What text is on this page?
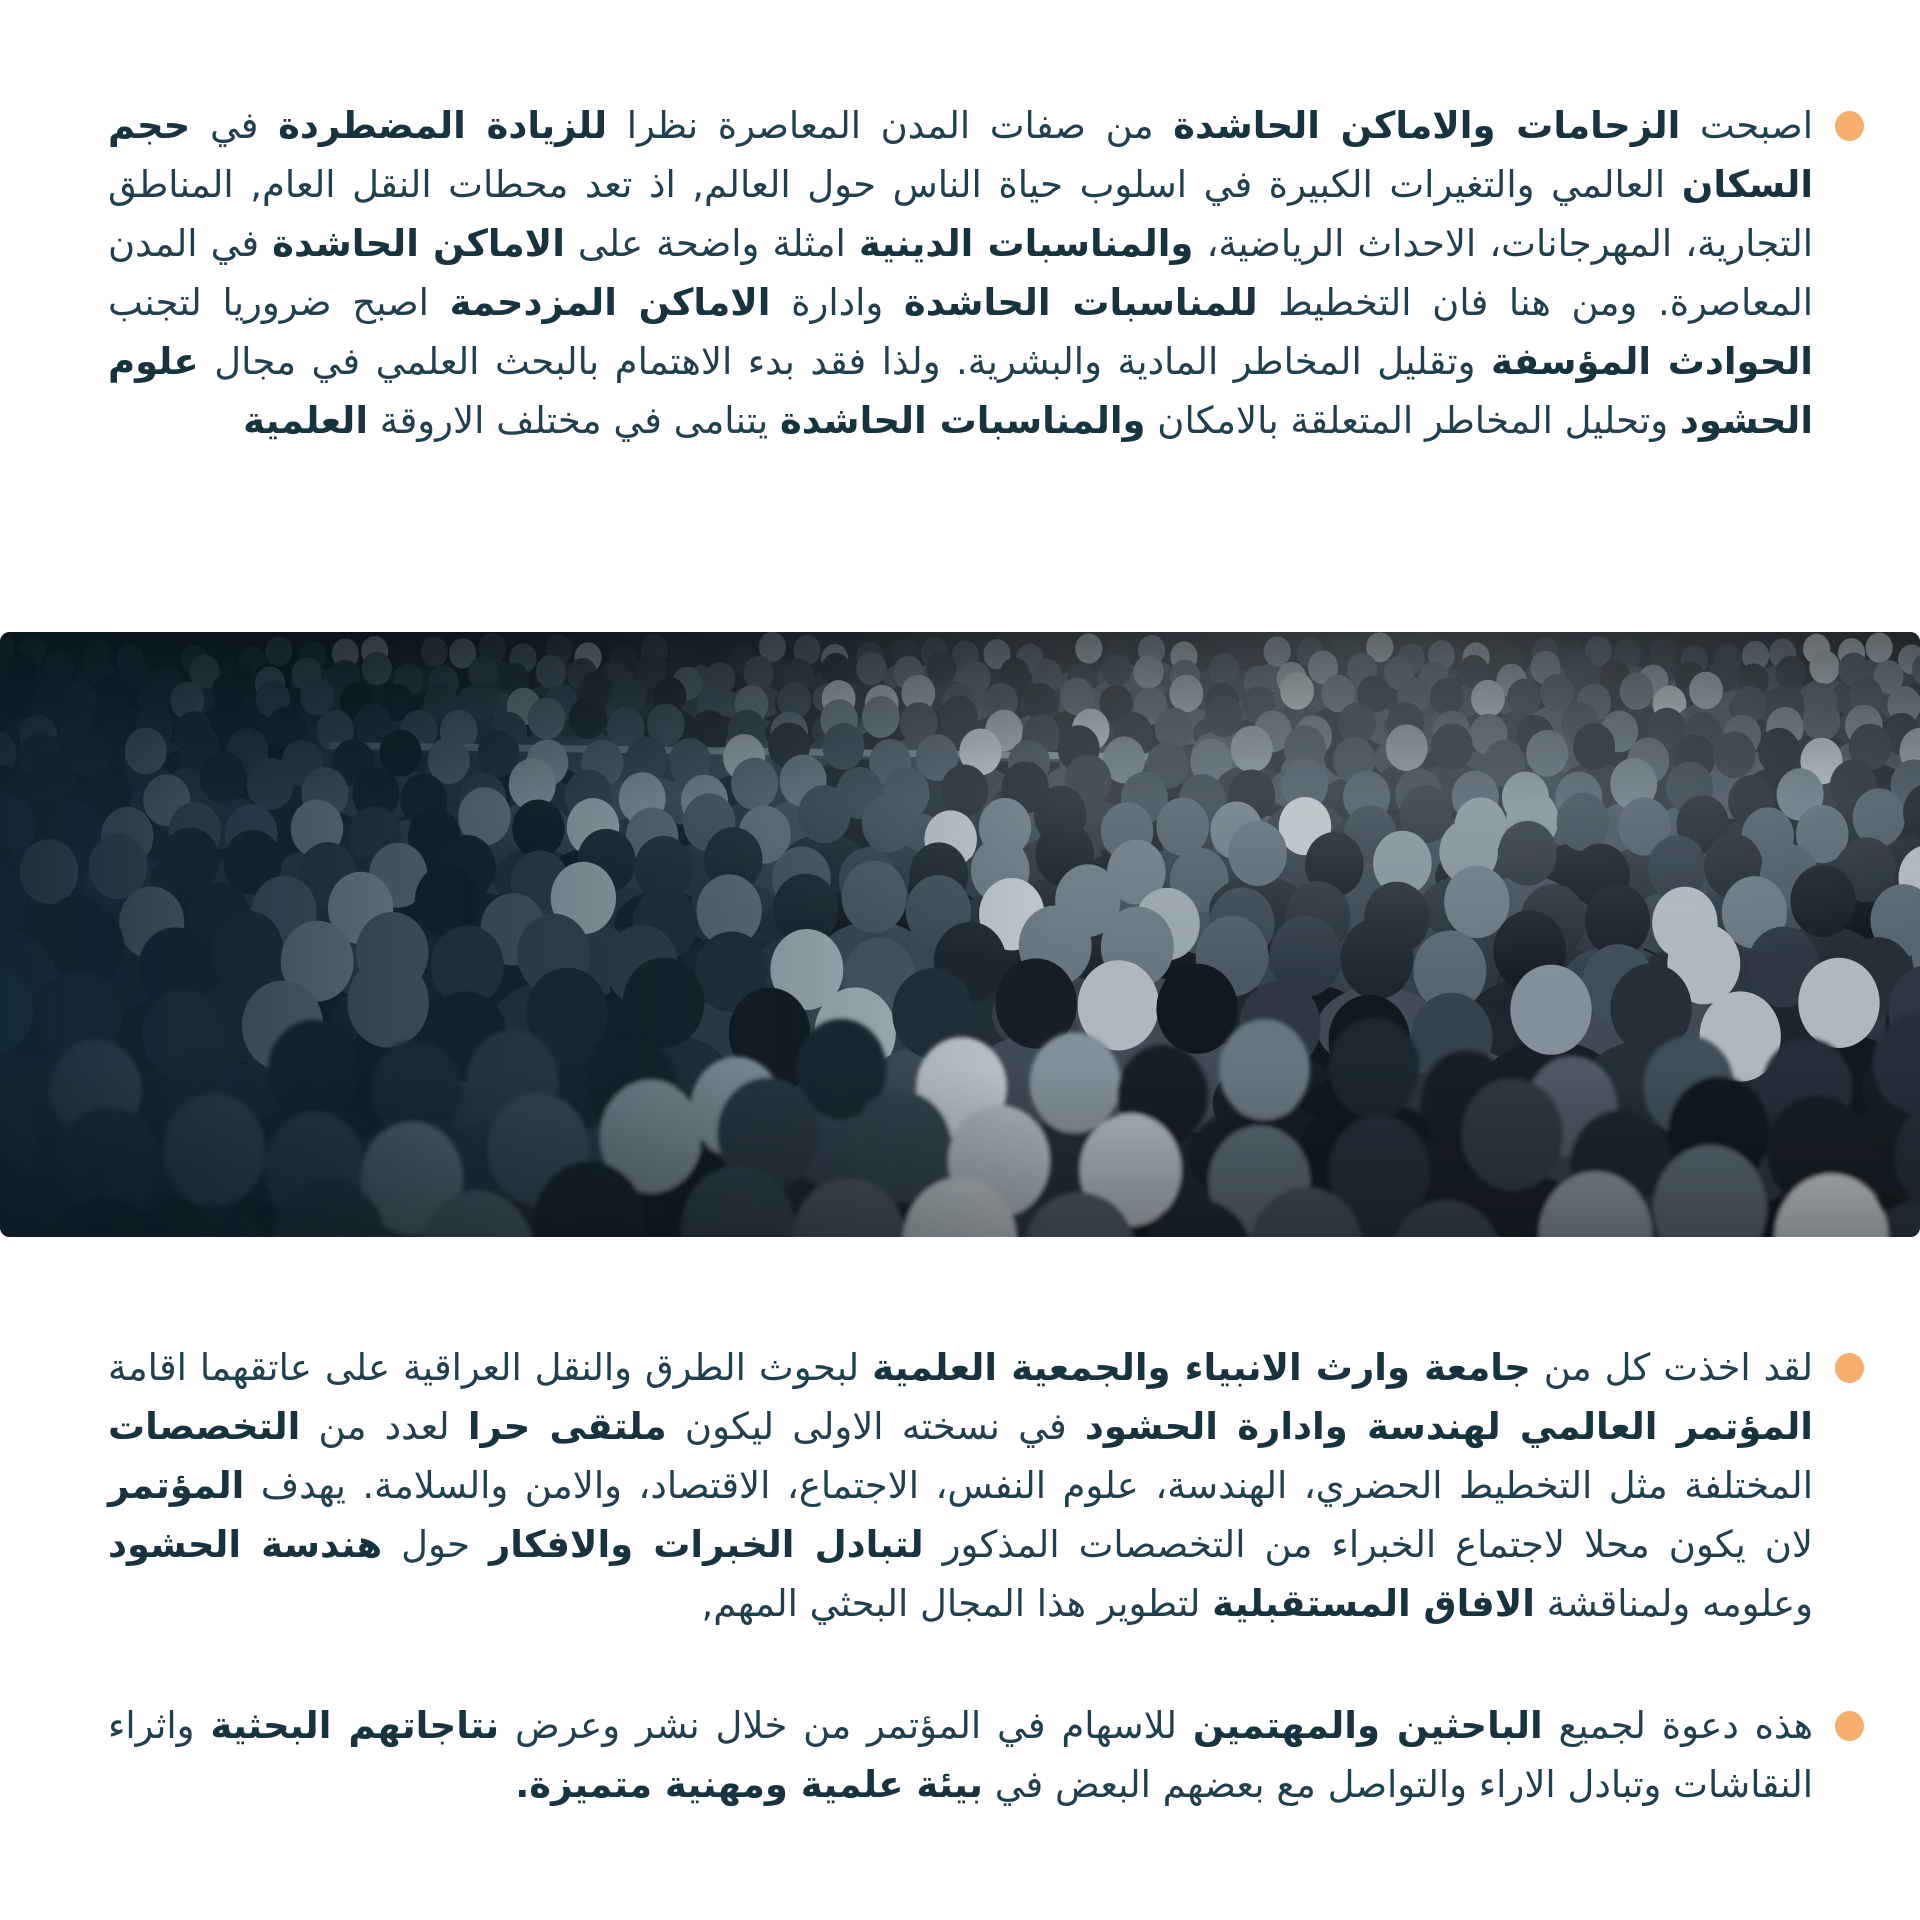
اصبحت الزحامات والاماكن الحاشدة من صفات المدن المعاصرة نظرا للزيادة المضطردة في حجم السكان العالمي والتغيرات الكبيرة في اسلوب حياة الناس حول العالم, اذ تعد محطات النقل العام, المناطق التجارية، المهرجانات، الاحداث الرياضية، والمناسبات الدينية امثلة واضحة على الاماكن الحاشدة في المدن المعاصرة. ومن هنا فان التخطيط للمناسبات الحاشدة وادارة الاماكن المزدحمة اصبح ضروريا لتجنب الحوادث المؤسفة وتقليل المخاطر المادية والبشرية. ولذا فقد بدء الاهتمام بالبحث العلمي في مجال علوم الحشود وتحليل المخاطر المتعلقة بالامكان والمناسبات الحاشدة يتنامى في مختلف الاروقة العلمية

لقد اخذت كل من جامعة وارث الانبياء والجمعية العلمية لبحوث الطرق والنقل العراقية على عاتقهما اقامة المؤتمر العالمي لهندسة وادارة الحشود في نسخته الاولى ليكون ملتقى حرا لعدد من التخصصات المختلفة مثل التخطيط الحضري، الهندسة، علوم النفس، الاجتماع، الاقتصاد، والامن والسلامة. يهدف المؤتمر لان يكون محلا لاجتماع الخبراء من التخصصات المذكور لتبادل الخبرات والافكار حول هندسة الحشود وعلومه ولمناقشة الافاق المستقبلية لتطوير هذا المجال البحثي المهم,

هذه دعوة لجميع الباحثين والمهتمين للاسهام في المؤتمر من خلال نشر وعرض نتاجاتهم البحثية واثراء النقاشات وتبادل الاراء والتواصل مع بعضهم البعض في بيئة علمية ومهنية متميزة.
